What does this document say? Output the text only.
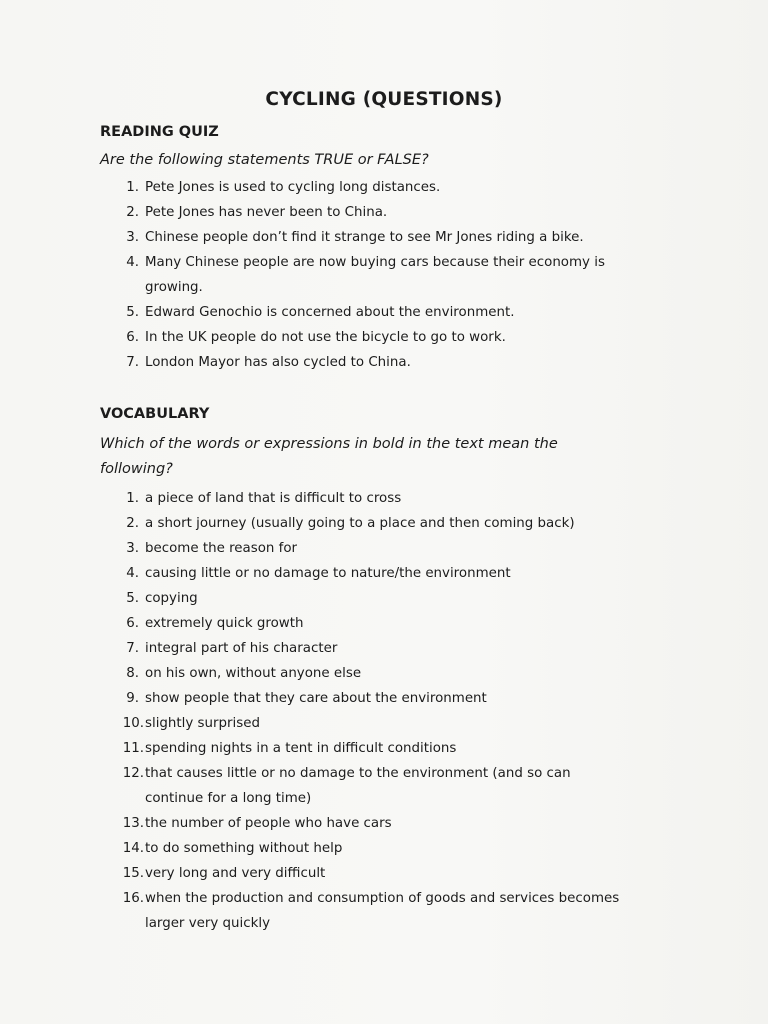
CYCLING (QUESTIONS)
READING QUIZ
Are the following statements TRUE or FALSE?
1. Pete Jones is used to cycling long distances.
2. Pete Jones has never been to China.
3. Chinese people don’t find it strange to see Mr Jones riding a bike.
4. Many Chinese people are now buying cars because their economy is growing.
5. Edward Genochio is concerned about the environment.
6. In the UK people do not use the bicycle to go to work.
7. London Mayor has also cycled to China.
VOCABULARY
Which of the words or expressions in bold in the text mean the following?
1. a piece of land that is difficult to cross
2. a short journey (usually going to a place and then coming back)
3. become the reason for
4. causing little or no damage to nature/the environment
5. copying
6. extremely quick growth
7. integral part of his character
8. on his own, without anyone else
9. show people that they care about the environment
10. slightly surprised
11. spending nights in a tent in difficult conditions
12. that causes little or no damage to the environment (and so can continue for a long time)
13. the number of people who have cars
14. to do something without help
15. very long and very difficult
16. when the production and consumption of goods and services becomes larger very quickly
